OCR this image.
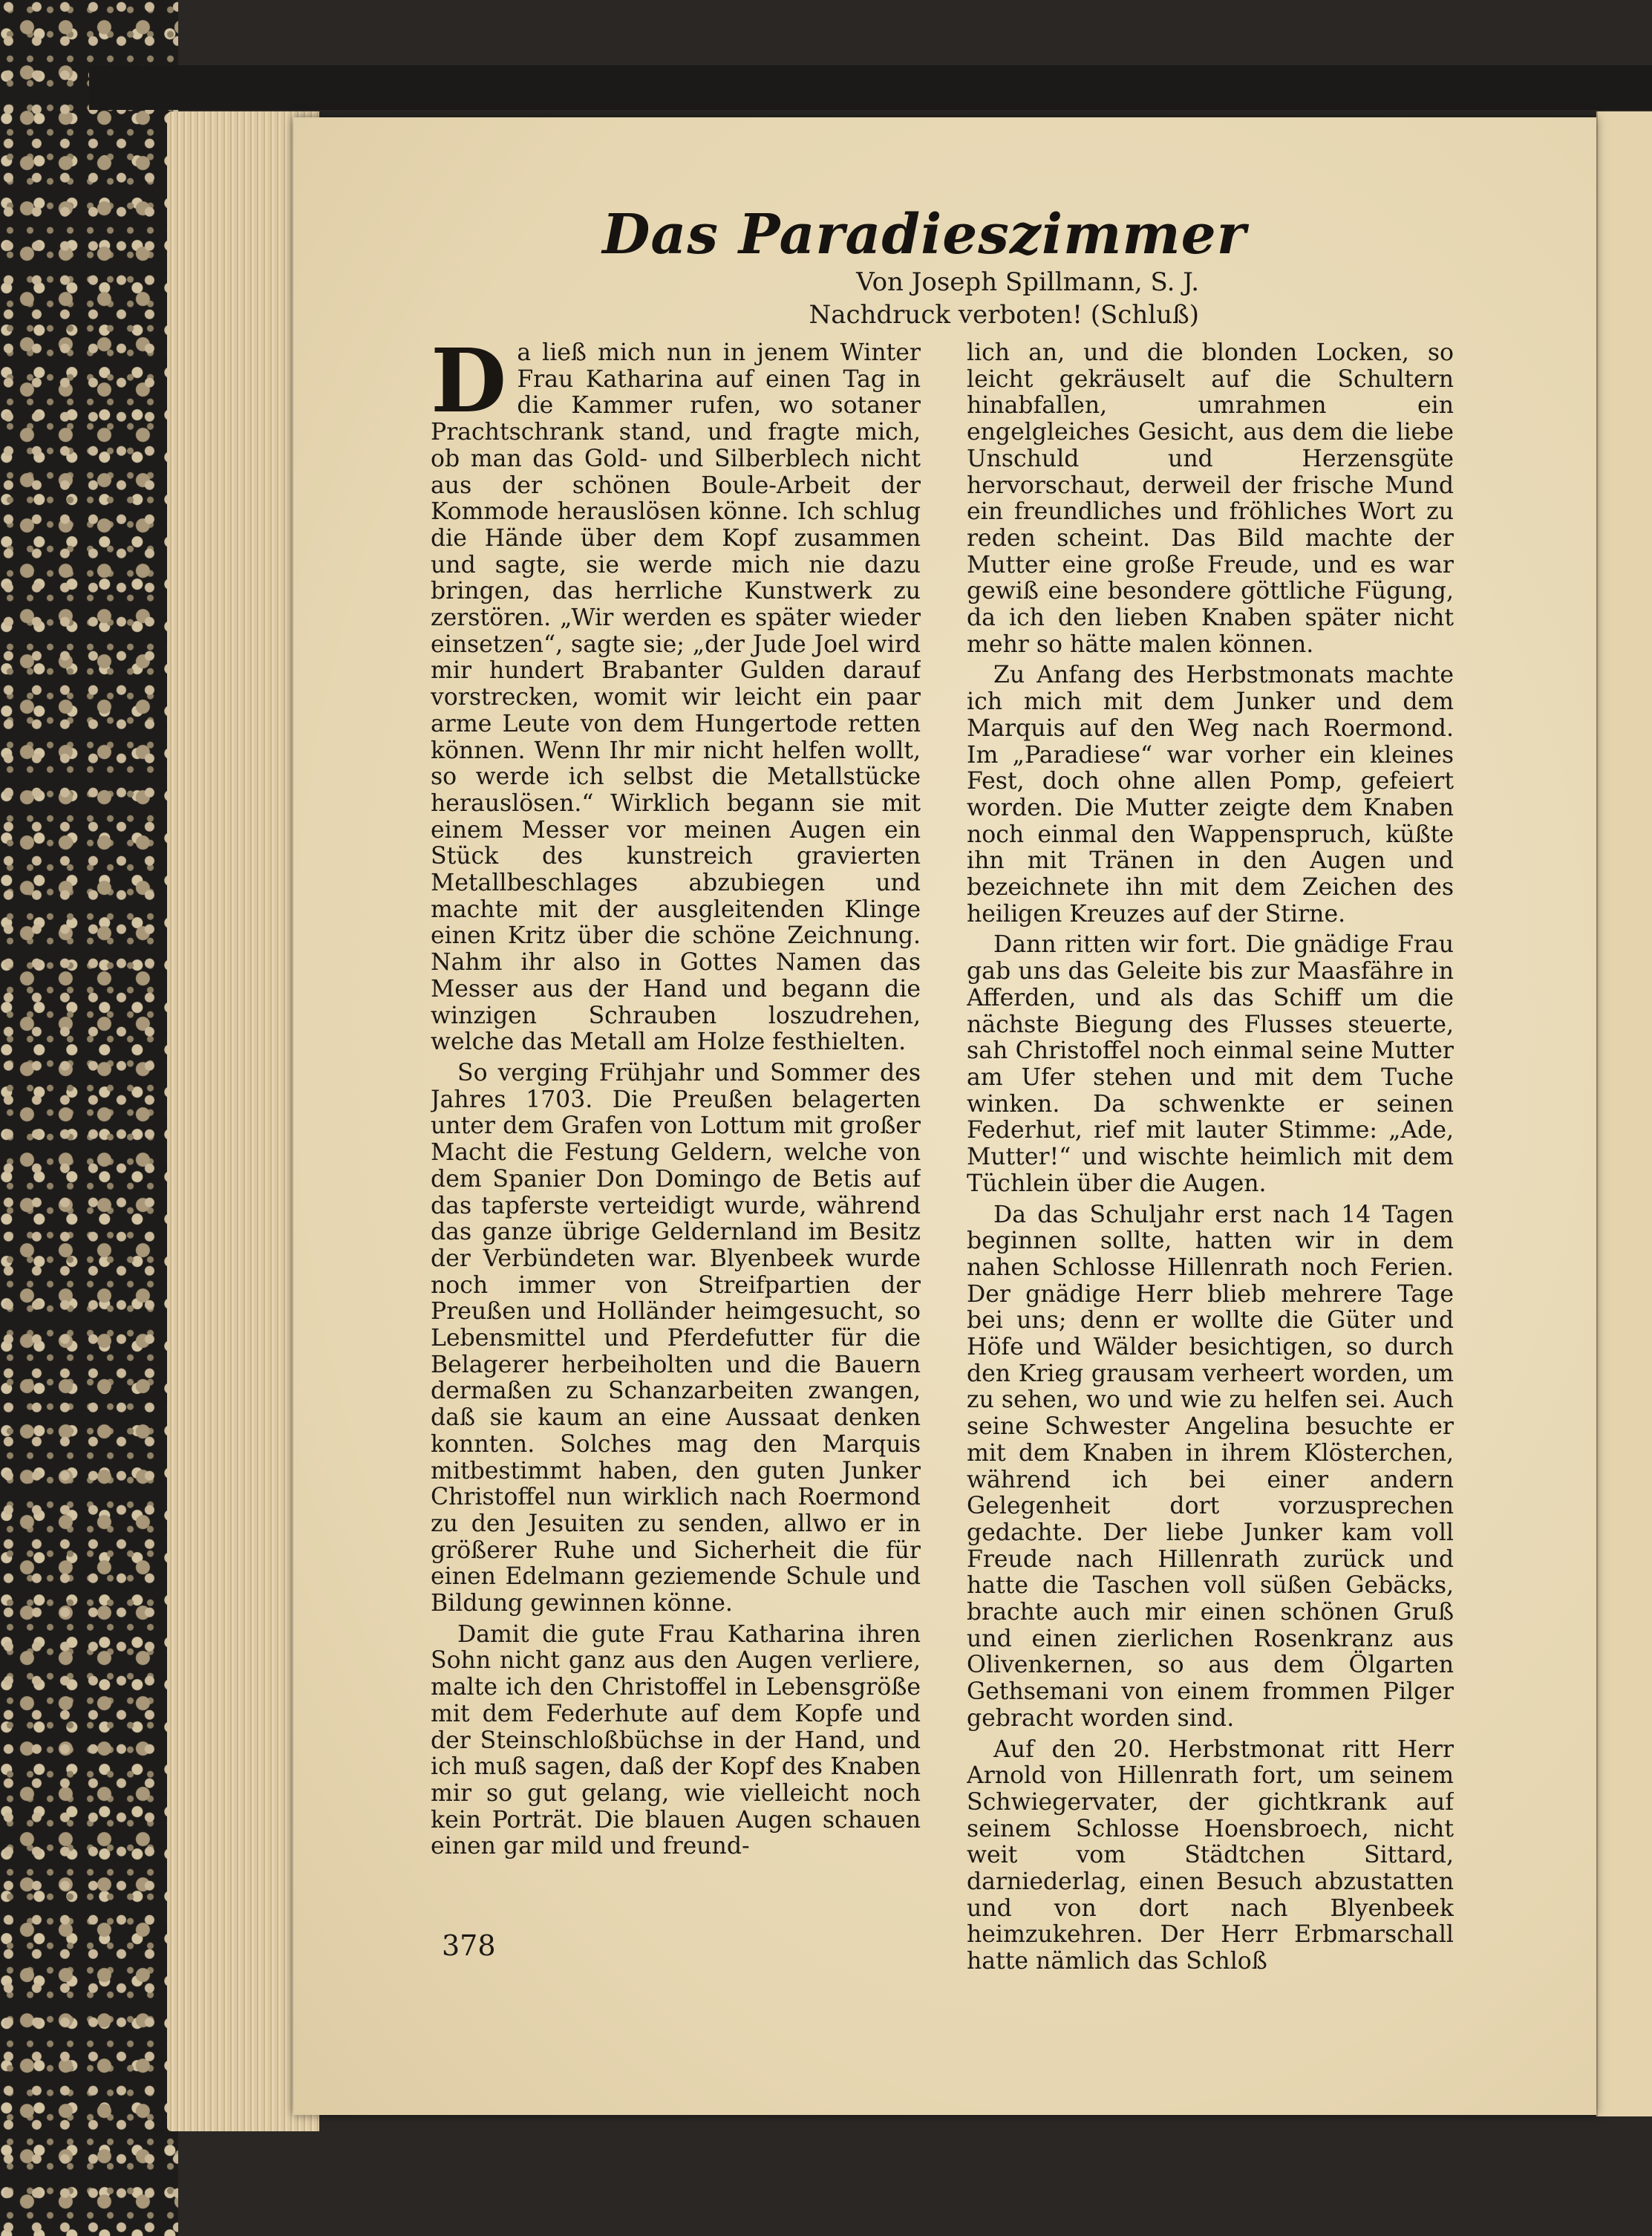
Das Paradieszimmer
Von Joseph Spillmann, S. J.
Nachdruck verboten! (Schluß)

Da ließ mich nun in jenem Winter Frau Katharina auf einen Tag in die Kammer rufen, wo sotaner Prachtschrank stand, und fragte mich, ob man das Gold- und Silberblech nicht aus der schönen Boule-Arbeit der Kommode herauslösen könne. Ich schlug die Hände über dem Kopf zusammen und sagte, sie werde mich nie dazu bringen, das herrliche Kunstwerk zu zerstören. „Wir werden es später wieder einsetzen“, sagte sie; „der Jude Joel wird mir hundert Brabanter Gulden darauf vorstrecken, womit wir leicht ein paar arme Leute von dem Hungertode retten können. Wenn Ihr mir nicht helfen wollt, so werde ich selbst die Metallstücke herauslösen.“ Wirklich begann sie mit einem Messer vor meinen Augen ein Stück des kunstreich gravierten Metallbeschlages abzubiegen und machte mit der ausgleitenden Klinge einen Kritz über die schöne Zeichnung. Nahm ihr also in Gottes Namen das Messer aus der Hand und begann die winzigen Schrauben loszudrehen, welche das Metall am Holze festhielten.

So verging Frühjahr und Sommer des Jahres 1703. Die Preußen belagerten unter dem Grafen von Lottum mit großer Macht die Festung Geldern, welche von dem Spanier Don Domingo de Betis auf das tapferste verteidigt wurde, während das ganze übrige Geldernland im Besitz der Verbündeten war. Blyenbeek wurde noch immer von Streifpartien der Preußen und Holländer heimgesucht, so Lebensmittel und Pferdefutter für die Belagerer herbeiholten und die Bauern dermaßen zu Schanzarbeiten zwangen, daß sie kaum an eine Aussaat denken konnten. Solches mag den Marquis mitbestimmt haben, den guten Junker Christoffel nun wirklich nach Roermond zu den Jesuiten zu senden, allwo er in größerer Ruhe und Sicherheit die für einen Edelmann geziemende Schule und Bildung gewinnen könne.

Damit die gute Frau Katharina ihren Sohn nicht ganz aus den Augen verliere, malte ich den Christoffel in Lebensgröße mit dem Federhute auf dem Kopfe und der Steinschloßbüchse in der Hand, und ich muß sagen, daß der Kopf des Knaben mir so gut gelang, wie vielleicht noch kein Porträt. Die blauen Augen schauen einen gar mild und freund-

lich an, und die blonden Locken, so leicht gekräuselt auf die Schultern hinabfallen, umrahmen ein engelgleiches Gesicht, aus dem die liebe Unschuld und Herzensgüte hervorschaut, derweil der frische Mund ein freundliches und fröhliches Wort zu reden scheint. Das Bild machte der Mutter eine große Freude, und es war gewiß eine besondere göttliche Fügung, da ich den lieben Knaben später nicht mehr so hätte malen können.

Zu Anfang des Herbstmonats machte ich mich mit dem Junker und dem Marquis auf den Weg nach Roermond. Im „Paradiese“ war vorher ein kleines Fest, doch ohne allen Pomp, gefeiert worden. Die Mutter zeigte dem Knaben noch einmal den Wappenspruch, küßte ihn mit Tränen in den Augen und bezeichnete ihn mit dem Zeichen des heiligen Kreuzes auf der Stirne.

Dann ritten wir fort. Die gnädige Frau gab uns das Geleite bis zur Maasfähre in Afferden, und als das Schiff um die nächste Biegung des Flusses steuerte, sah Christoffel noch einmal seine Mutter am Ufer stehen und mit dem Tuche winken. Da schwenkte er seinen Federhut, rief mit lauter Stimme: „Ade, Mutter!“ und wischte heimlich mit dem Tüchlein über die Augen.

Da das Schuljahr erst nach 14 Tagen beginnen sollte, hatten wir in dem nahen Schlosse Hillenrath noch Ferien. Der gnädige Herr blieb mehrere Tage bei uns; denn er wollte die Güter und Höfe und Wälder besichtigen, so durch den Krieg grausam verheert worden, um zu sehen, wo und wie zu helfen sei. Auch seine Schwester Angelina besuchte er mit dem Knaben in ihrem Klösterchen, während ich bei einer andern Gelegenheit dort vorzusprechen gedachte. Der liebe Junker kam voll Freude nach Hillenrath zurück und hatte die Taschen voll süßen Gebäcks, brachte auch mir einen schönen Gruß und einen zierlichen Rosenkranz aus Olivenkernen, so aus dem Ölgarten Gethsemani von einem frommen Pilger gebracht worden sind.

Auf den 20. Herbstmonat ritt Herr Arnold von Hillenrath fort, um seinem Schwiegervater, der gichtkrank auf seinem Schlosse Hoensbroech, nicht weit vom Städtchen Sittard, darniederlag, einen Besuch abzustatten und von dort nach Blyenbeek heimzukehren. Der Herr Erbmarschall hatte nämlich das Schloß

378
